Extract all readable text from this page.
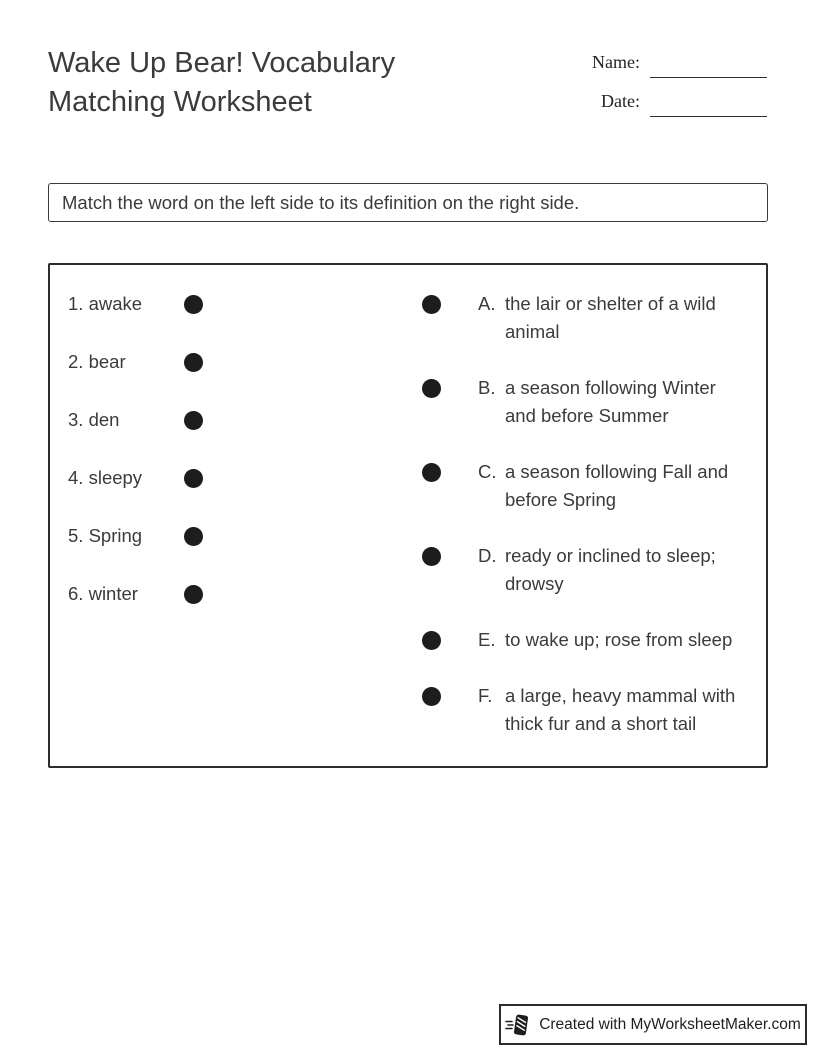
Wake Up Bear! Vocabulary
Matching Worksheet
Name:
Date:
Match the word on the left side to its definition on the right side.
1. awake
2. bear
3. den
4. sleepy
5. Spring
6. winter
A. the lair or shelter of a wild
animal
B. a season following Winter
and before Summer
C. a season following Fall and
before Spring
D. ready or inclined to sleep;
drowsy
E. to wake up; rose from sleep
F. a large, heavy mammal with
thick fur and a short tail
Created with MyWorksheetMaker.com
